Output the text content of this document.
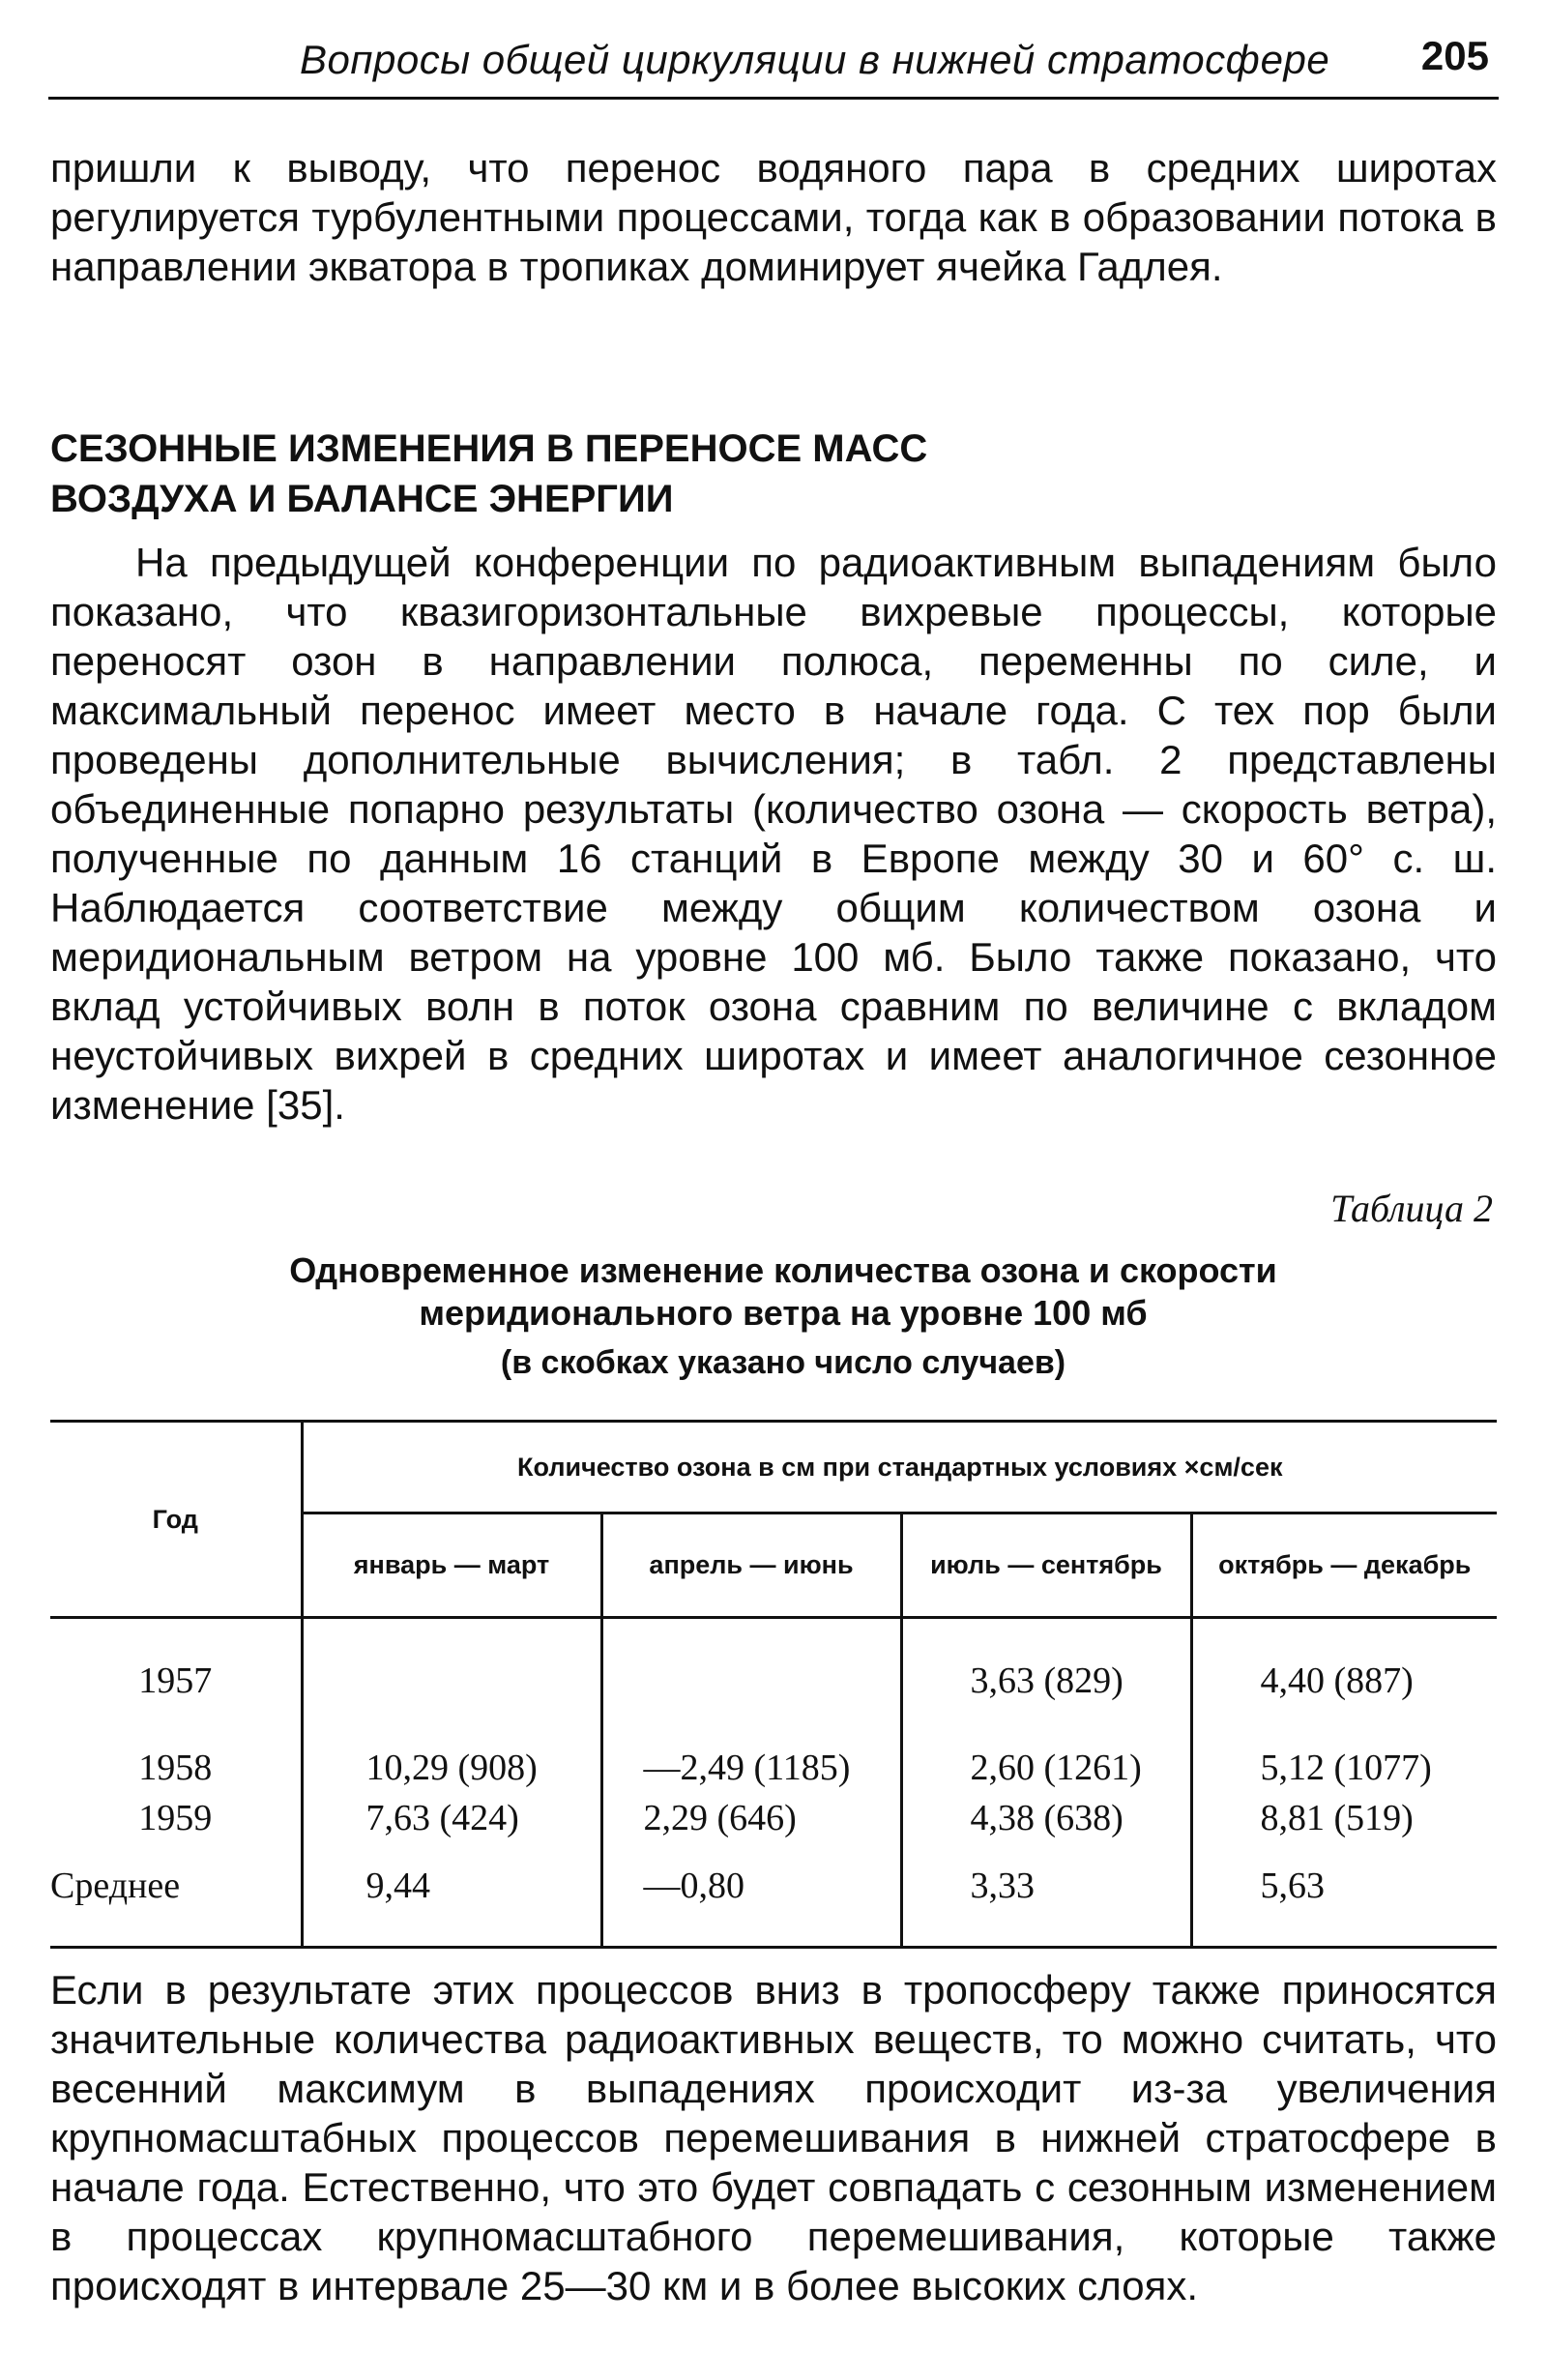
Вопросы общей циркуляции в нижней стратосфере 205

пришли к выводу, что перенос водяного пара в средних широтах регулируется турбулентными процессами, тогда как в образовании потока в направлении экватора в тропиках доминирует ячейка Гадлея.

СЕЗОННЫЕ ИЗМЕНЕНИЯ В ПЕРЕНОСЕ МАСС
ВОЗДУХА И БАЛАНСЕ ЭНЕРГИИ

На предыдущей конференции по радиоактивным выпадениям было показано, что квазигоризонтальные вихревые процессы, которые переносят озон в направлении полюса, переменны по силе, и максимальный перенос имеет место в начале года. С тех пор были проведены дополнительные вычисления; в табл. 2 представлены объединенные попарно результаты (количество озона — скорость ветра), полученные по данным 16 станций в Европе между 30 и 60° с. ш. Наблюдается соответствие между общим количеством озона и меридиональным ветром на уровне 100 мб. Было также показано, что вклад устойчивых волн в поток озона сравним по величине с вкладом неустойчивых вихрей в средних широтах и имеет аналогичное сезонное изменение [35].

Таблица 2
Одновременное изменение количества озона и скорости
меридионального ветра на уровне 100 мб
(в скобках указано число случаев)
Год	Количество озона в см при стандартных условиях ×см/сек			
	январь — март	апрель — июнь	июль — сентябрь	октябрь — декабрь
1957			3,63 (829)	4,40 (887)
1958	10,29 (908)	—2,49 (1185)	2,60 (1261)	5,12 (1077)
1959	7,63 (424)	2,29 (646)	4,38 (638)	8,81 (519)
Среднее	9,44	—0,80	3,33	5,63

Если в результате этих процессов вниз в тропосферу также приносятся значительные количества радиоактивных веществ, то можно считать, что весенний максимум в выпадениях происходит из-за увеличения крупномасштабных процессов перемешивания в нижней стратосфере в начале года. Естественно, что это будет совпадать с сезонным изменением в процессах крупномасштабного перемешивания, которые также происходят в интервале 25—30 км и в более высоких слоях.
